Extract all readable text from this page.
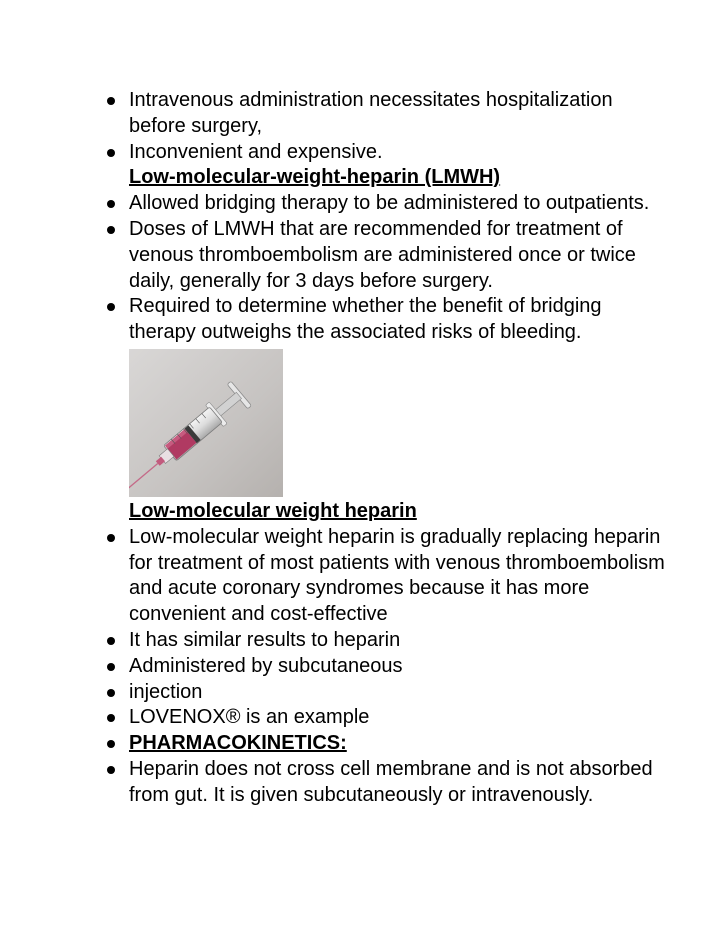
Intravenous administration necessitates hospitalization before surgery,
Inconvenient and expensive.
Low-molecular-weight-heparin (LMWH)
Allowed bridging therapy to be administered to outpatients.
Doses of LMWH that are recommended for treatment of venous thromboembolism are administered once or twice daily, generally for 3 days before surgery.
Required to determine whether the benefit of bridging therapy outweighs the associated risks of bleeding.
Low-molecular weight heparin
Low-molecular weight heparin is gradually replacing heparin for treatment of most patients with venous thromboembolism and acute coronary syndromes because it has more convenient and cost-effective
It has similar results to heparin
Administered by subcutaneous
injection
LOVENOX® is an example
PHARMACOKINETICS:
Heparin does not cross cell membrane and is not absorbed from gut. It is given subcutaneously or intravenously.
